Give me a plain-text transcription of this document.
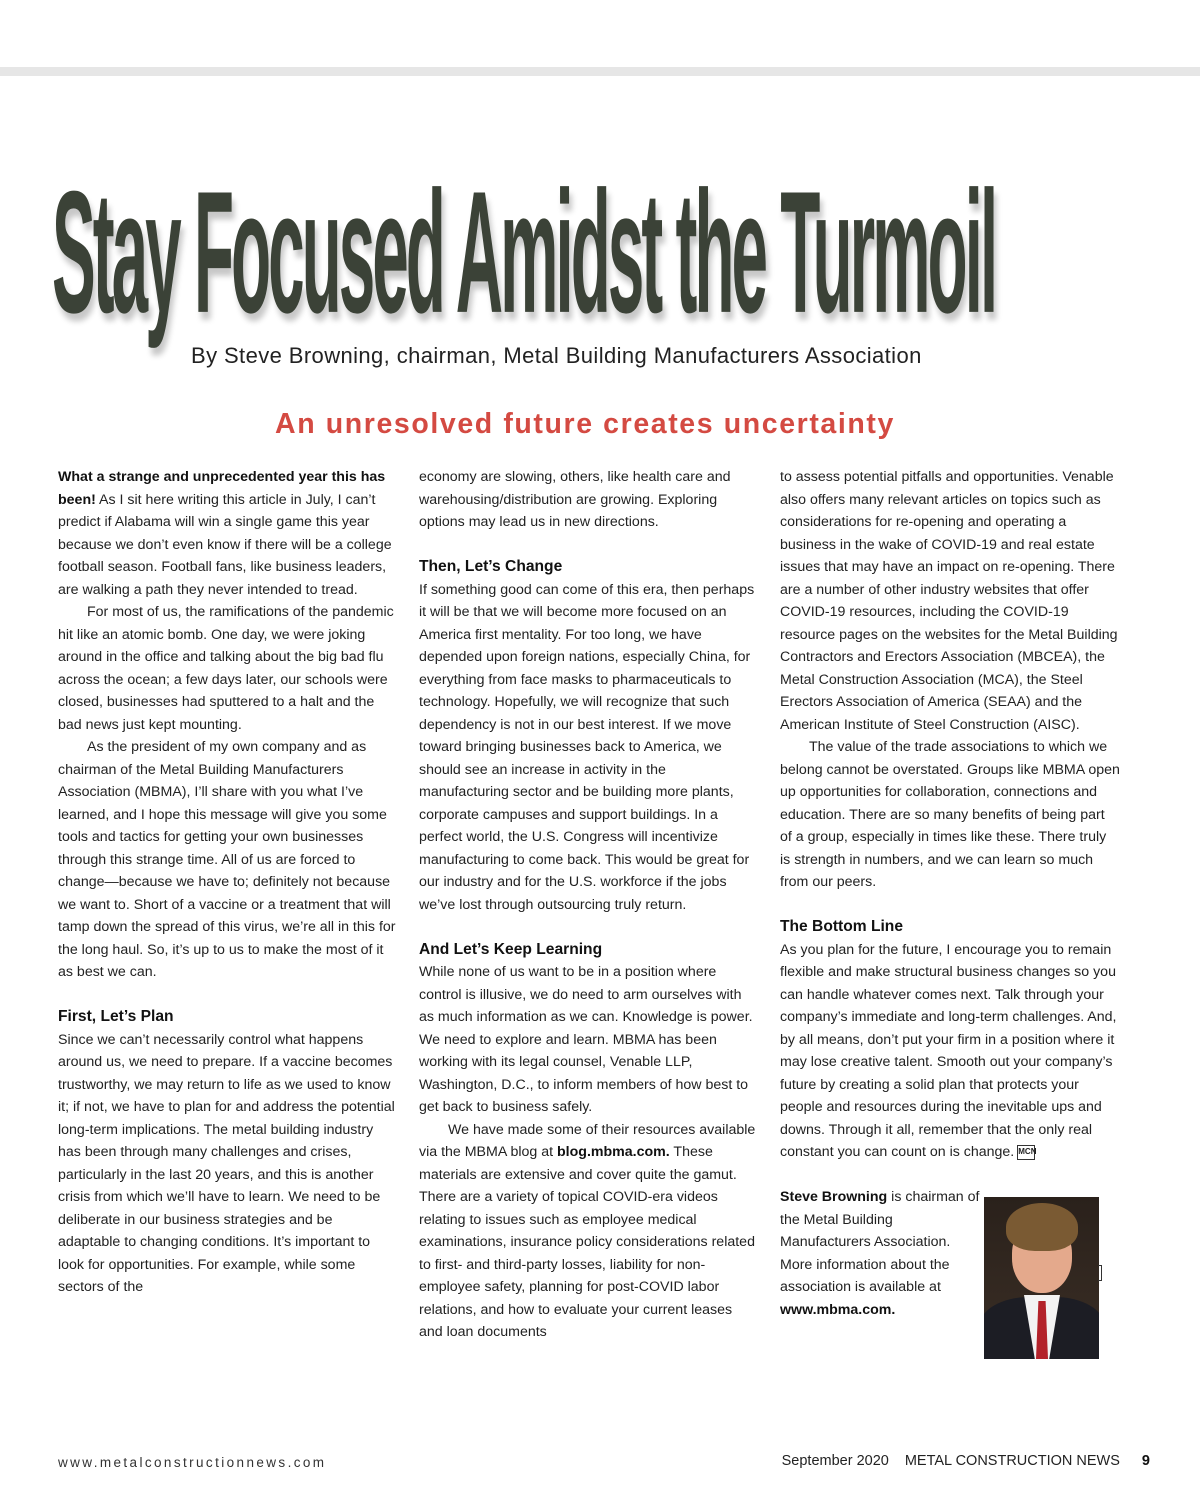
Stay Focused Amidst the Turmoil
By Steve Browning, chairman, Metal Building Manufacturers Association
An unresolved future creates uncertainty

What a strange and unprecedented year this has been! As I sit here writing this article in July, I can’t predict if Alabama will win a single game this year because we don’t even know if there will be a college football season. Football fans, like business leaders, are walking a path they never intended to tread.

For most of us, the ramifications of the pandemic hit like an atomic bomb. One day, we were joking around in the office and talking about the big bad flu across the ocean; a few days later, our schools were closed, businesses had sputtered to a halt and the bad news just kept mounting.

As the president of my own company and as chairman of the Metal Building Manufacturers Association (MBMA), I’ll share with you what I’ve learned, and I hope this message will give you some tools and tactics for getting your own businesses through this strange time. All of us are forced to change—because we have to; definitely not because we want to. Short of a vaccine or a treatment that will tamp down the spread of this virus, we’re all in this for the long haul. So, it’s up to us to make the most of it as best we can.

First, Let’s Plan

Since we can’t necessarily control what happens around us, we need to prepare. If a vaccine becomes trustworthy, we may return to life as we used to know it; if not, we have to plan for and address the potential long-term implications. The metal building industry has been through many challenges and crises, particularly in the last 20 years, and this is another crisis from which we’ll have to learn. We need to be deliberate in our business strategies and be adaptable to changing conditions. It’s important to look for opportunities. For example, while some sectors of the

economy are slowing, others, like health care and warehousing/distribution are growing. Exploring options may lead us in new directions.

Then, Let’s Change

If something good can come of this era, then perhaps it will be that we will become more focused on an America first mentality. For too long, we have depended upon foreign nations, especially China, for everything from face masks to pharmaceuticals to technology. Hopefully, we will recognize that such dependency is not in our best interest. If we move toward bringing businesses back to America, we should see an increase in activity in the manufacturing sector and be building more plants, corporate campuses and support buildings. In a perfect world, the U.S. Congress will incentivize manufacturing to come back. This would be great for our industry and for the U.S. workforce if the jobs we’ve lost through outsourcing truly return.

And Let’s Keep Learning

While none of us want to be in a position where control is illusive, we do need to arm ourselves with as much information as we can. Knowledge is power. We need to explore and learn. MBMA has been working with its legal counsel, Venable LLP, Washington, D.C., to inform members of how best to get back to business safely.

We have made some of their resources available via the MBMA blog at blog.mbma.com. These materials are extensive and cover quite the gamut. There are a variety of topical COVID-era videos relating to issues such as employee medical examinations, insurance policy considerations related to first- and third-party losses, liability for non-employee safety, planning for post-COVID labor relations, and how to evaluate your current leases and loan documents

to assess potential pitfalls and opportunities. Venable also offers many relevant articles on topics such as considerations for re-opening and operating a business in the wake of COVID-19 and real estate issues that may have an impact on re-opening. There are a number of other industry websites that offer COVID-19 resources, including the COVID-19 resource pages on the websites for the Metal Building Contractors and Erectors Association (MBCEA), the Metal Construction Association (MCA), the Steel Erectors Association of America (SEAA) and the American Institute of Steel Construction (AISC).

The value of the trade associations to which we belong cannot be overstated. Groups like MBMA open up opportunities for collaboration, connections and education. There are so many benefits of being part of a group, especially in times like these. There truly is strength in numbers, and we can learn so much from our peers.

The Bottom Line

As you plan for the future, I encourage you to remain flexible and make structural business changes so you can handle whatever comes next. Talk through your company’s immediate and long-term challenges. And, by all means, don’t put your firm in a position where it may lose creative talent. Smooth out your company’s future by creating a solid plan that protects your people and resources during the inevitable ups and downs. Through it all, remember that the only real constant you can count on is change. MCN

Steve Browning is chairman of the Metal Building Manufacturers Association. More information about the association is available at www.mbma.com.

www.metalconstructionnews.com	September 2020 METAL CONSTRUCTION NEWS 9
